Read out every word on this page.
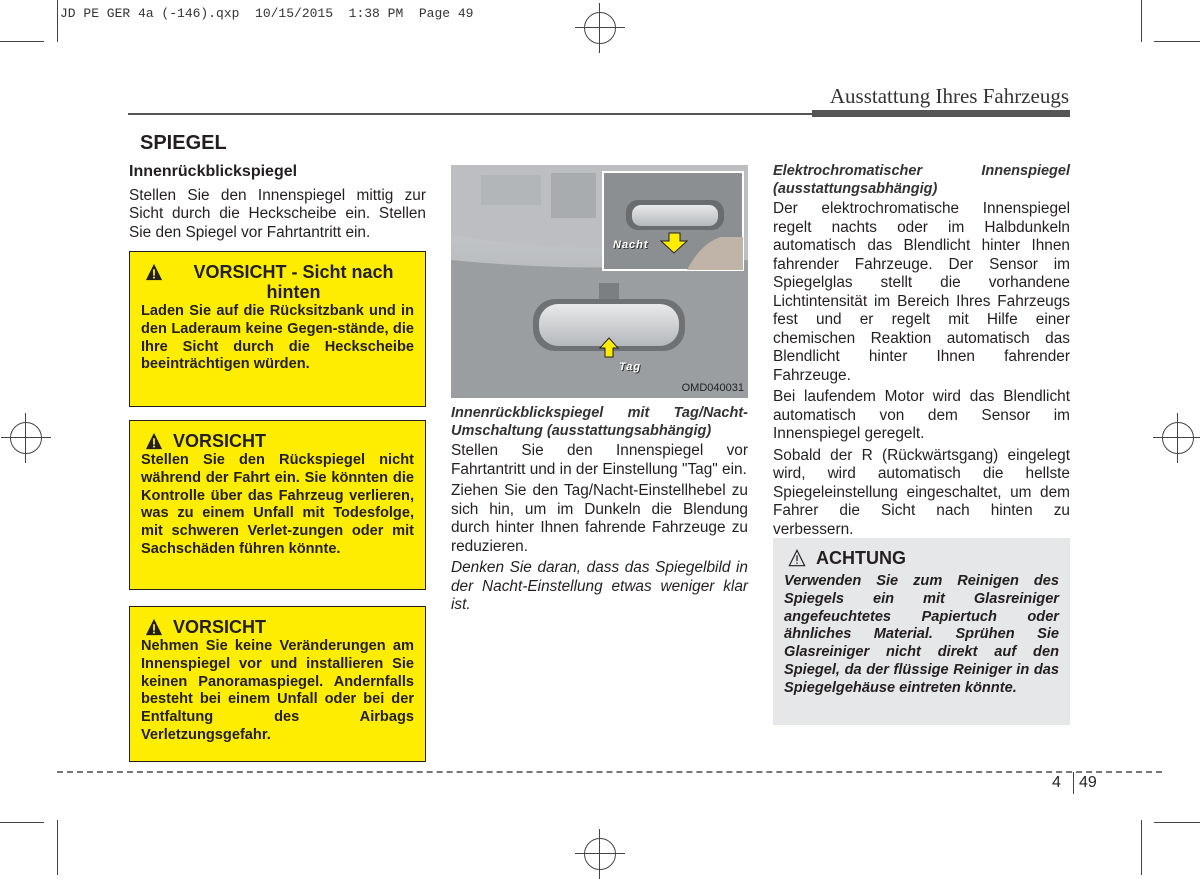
JD PE GER 4a (-146).qxp  10/15/2015  1:38 PM  Page 49
Ausstattung Ihres Fahrzeugs
SPIEGEL
Innenrückblickspiegel

Stellen Sie den Innenspiegel mittig zur Sicht durch die Heckscheibe ein. Stellen Sie den Spiegel vor Fahrtantritt ein.

VORSICHT - Sicht nach hinten
Laden Sie auf die Rücksitzbank und in den Laderaum keine Gegen-stände, die Ihre Sicht durch die Heckscheibe beeinträchtigen würden.
VORSICHT
Stellen Sie den Rückspiegel nicht während der Fahrt ein. Sie könnten die Kontrolle über das Fahrzeug verlieren, was zu einem Unfall mit Todesfolge, mit schweren Verlet-zungen oder mit Sachschäden führen könnte.
VORSICHT
Nehmen Sie keine Veränderungen am Innenspiegel vor und installieren Sie keinen Panoramaspiegel. Andernfalls besteht bei einem Unfall oder bei der Entfaltung des Airbags Verletzungsgefahr.
Nacht
Tag
OMD040031
Innenrückblickspiegel mit Tag/Nacht-Umschaltung (ausstattungsabhängig)

Stellen Sie den Innenspiegel vor Fahrtantritt und in der Einstellung "Tag" ein.

Ziehen Sie den Tag/Nacht-Einstellhebel zu sich hin, um im Dunkeln die Blendung durch hinter Ihnen fahrende Fahrzeuge zu reduzieren.

Denken Sie daran, dass das Spiegelbild in der Nacht-Einstellung etwas weniger klar ist.

Elektrochromatischer Innenspiegel (ausstattungsabhängig)

Der elektrochromatische Innenspiegel regelt nachts oder im Halbdunkeln automatisch das Blendlicht hinter Ihnen fahrender Fahrzeuge. Der Sensor im Spiegelglas stellt die vorhandene Lichtintensität im Bereich Ihres Fahrzeugs fest und er regelt mit Hilfe einer chemischen Reaktion automatisch das Blendlicht hinter Ihnen fahrender Fahrzeuge.

Bei laufendem Motor wird das Blendlicht automatisch von dem Sensor im Innenspiegel geregelt.

Sobald der R (Rückwärtsgang) eingelegt wird, wird automatisch die hellste Spiegeleinstellung eingeschaltet, um dem Fahrer die Sicht nach hinten zu verbessern.

ACHTUNG
Verwenden Sie zum Reinigen des Spiegels ein mit Glasreiniger angefeuchtetes Papiertuch oder ähnliches Material. Sprühen Sie Glasreiniger nicht direkt auf den Spiegel, da der flüssige Reiniger in das Spiegelgehäuse eintreten könnte.
4 49
